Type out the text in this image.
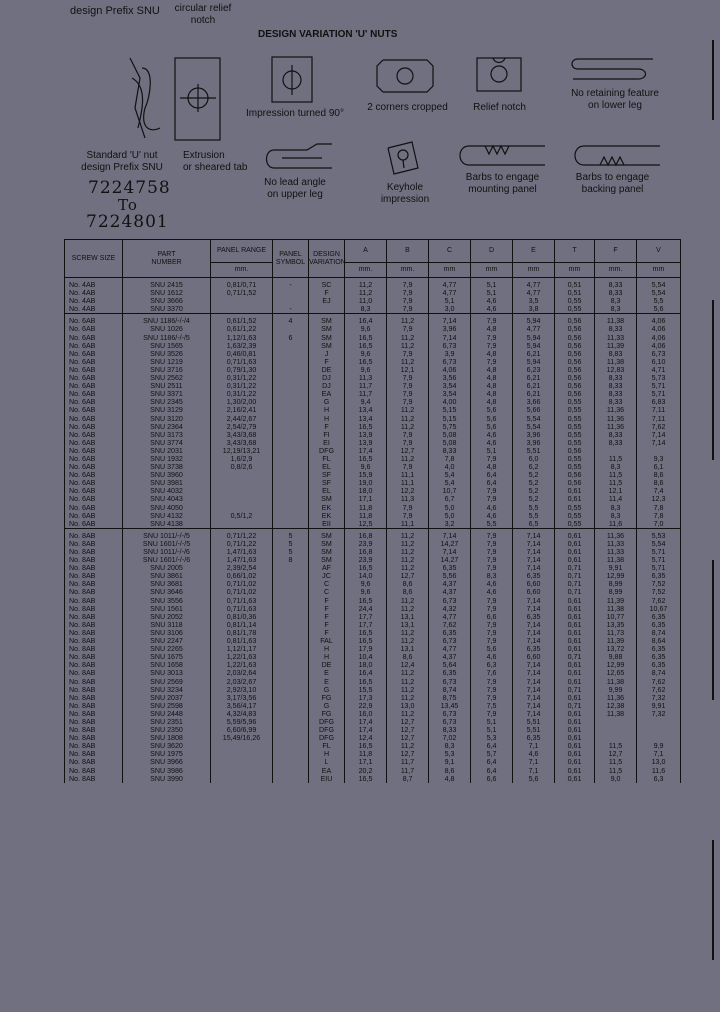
design Prefix SNU	circular relief
notch
DESIGN VARIATION 'U' NUTS
Standard 'U' nut
design Prefix SNU
Extrusion
or sheared tab
Impression turned 90°
2 corners cropped	Relief notch
No retaining feature
on lower leg
No lead angle
on upper leg
Keyhole
impression
Barbs to engage
mounting panel
Barbs to engage
backing panel
7224758
To
7224801
SCREW SIZE	PART
NUMBER	PANEL RANGE	PANEL
SYMBOL	DESIGN
VARIATION	A	B	C	D	E	T	F	V
		mm.			mm.	mm.	mm	mm	mm	mm	mm.	mm
No. 4AB	SNU 2415	0,81/0,71	-	SC	11,2	7,9	4,77	5,1	4,77	0,51	8,33	5,54
No. 4AB	SNU 1612	0,71/1,52		F	11,2	7,9	4,77	5,1	4,77	0,51	8,33	5,54
No. 4AB	SNU 3666			EJ	11,0	7,9	5,1	4,6	3,5	0,55	8,3	5,5
No. 4AB	SNU 3370		-		8,3	7,9	3,0	4,6	3,8	0,55	8,3	5,6
No. 6AB	SNU 1186/-/-/4	0,61/1,52	4	SM	16,4	11,2	7,14	7,9	5,94	0,56	11,38	4,06
No. 6AB	SNU 1026	0,61/1,22		SM	9,6	7,9	3,96	4,8	4,77	0,56	8,33	4,06
No. 6AB	SNU 1186/-/-/5	1,12/1,63	6	SM	16,5	11,2	7,14	7,9	5,94	0,56	11,33	4,06
No. 6AB	SNU 1565	1,63/2,39		SM	16,5	11,2	6,73	7,9	5,94	0,56	11,39	4,06
No. 6AB	SNU 3526	0,46/0,81		J	9,6	7,9	3,9	4,8	6,21	0,56	8,83	6,73
No. 6AB	SNU 1219	0,71/1,63		F	16,5	11,2	6,73	7,9	5,94	0,56	11,38	6,10
No. 6AB	SNU 3716	0,79/1,30		DE	9,6	12,1	4,06	4,8	6,23	0,56	12,83	4,71
No. 6AB	SNU 2562	0,31/1,22		DJ	11,3	7,9	3,56	4,8	6,21	0,56	8,33	5,73
No. 6AB	SNU 2511	0,31/1,22		DJ	11,7	7,9	3,54	4,8	6,21	0,56	8,33	5,71
No. 6AB	SNU 3371	0,31/1,22		EA	11,7	7,9	3,54	4,8	6,21	0,56	8,33	5,71
No. 6AB	SNU 2345	1,30/2,00		G	9,4	7,9	4,00	4,8	3,66	0,55	8,33	6,83
No. 6AB	SNU 3129	2,16/2,41		H	13,4	11,2	5,15	5,6	5,66	0,55	11,36	7,11
No. 6AB	SNU 3120	2,44/2,67		H	13,4	11,2	5,15	5,6	5,54	0,55	11,36	7,11
No. 6AB	SNU 2364	2,54/2,79		F	16,5	11,2	5,75	5,6	5,54	0,55	11,36	7,62
No. 6AB	SNU 3173	3,43/3,68		FI	13,9	7,9	5,08	4,6	3,96	0,55	8,33	7,14
No. 6AB	SNU 3774	3,43/3,68		EI	13,9	7,9	5,08	4,6	3,96	0,55	8,33	7,14
No. 6AB	SNU 2031	12,19/13,21		DFG	17,4	12,7	8,33	5,1	5,51	0,56		
No. 6AB	SNU 1932	1,6/2,9		FL	16,5	11,2	7,8	7,9	6,0	0,55	11,5	9,3
No. 6AB	SNU 3738	0,8/2,6		EL	9,6	7,9	4,0	4,8	6,2	0,55	8,3	6,1
No. 6AB	SNU 3960			SF	15,9	11,1	5,4	6,4	5,2	0,56	11,5	8,6
No. 6AB	SNU 3981			SF	19,0	11,1	5,4	6,4	5,2	0,56	11,5	8,6
No. 6AB	SNU 4032			EL	18,0	12,2	10,7	7,9	5,2	0,61	12,1	7,4
No. 6AB	SNU 4043			SM	17,1	11,3	6,7	7,9	5,2	0,61	11,4	12,3
No. 6AB	SNU 4050			EK	11,8	7,9	5,0	4,6	5,5	0,55	8,3	7,8
No. 6AB	SNU 4132	0,5/1,2		EK	11,8	7,9	5,0	4,6	5,5	0,55	8,3	7,8
No. 6AB	SNU 4138			EII	12,5	11,1	3,2	5,5	6,5	0,55	11,6	7,0
No. 8AB	SNU 1011/-/-/5	0,71/1,22	5	SM	16,8	11,2	7,14	7,9	7,14	0,61	11,36	5,53
No. 8AB	SNU 1601/-/-/5	0,71/1,22	5	SM	23,9	11,2	14,27	7,9	7,14	0,61	11,33	5,54
No. 8AB	SNU 1011/-/-/6	1,47/1,63	5	SM	16,8	11,2	7,14	7,9	7,14	0,61	11,33	5,71
No. 8AB	SNU 1601/-/-/6	1,47/1,63	8	SM	23,9	11,2	14,27	7,9	7,14	0,61	11,38	5,71
No. 8AB	SNU 2005	2,39/2,54		AF	16,5	11,2	6,35	7,9	7,14	0,71	9,91	5,71
No. 8AB	SNU 3861	0,66/1,02		JC	14,0	12,7	5,56	8,3	6,35	0,71	12,99	6,35
No. 8AB	SNU 3681	0,71/1,02		C	9,6	8,6	4,37	4,6	6,60	0,71	8,99	7,52
No. 8AB	SNU 3646	0,71/1,02		C	9,6	8,6	4,37	4,6	6,60	0,71	8,99	7,52
No. 8AB	SNU 3556	0,71/1,63		F	16,5	11,2	6,73	7,9	7,14	0,61	11,39	7,62
No. 8AB	SNU 1561	0,71/1,63		F	24,4	11,2	4,32	7,9	7,14	0,61	11,38	10,67
No. 8AB	SNU 2052	0,81/0,36		F	17,7	13,1	4,77	6,6	6,35	0,61	10,77	6,35
No. 8AB	SNU 3118	0,81/1,14		F	17,7	13,1	7,62	7,9	7,14	0,61	13,35	6,35
No. 8AB	SNU 3106	0,81/1,78		F	16,5	11,2	6,35	7,9	7,14	0,61	11,73	8,74
No. 8AB	SNU 2247	0,81/1,63		FAL	16,5	11,2	6,73	7,9	7,14	0,61	11,39	8,64
No. 8AB	SNU 2265	1,12/1,17		H	17,9	13,1	4,77	5,6	6,35	0,61	13,72	6,35
No. 8AB	SNU 1675	1,22/1,63		H	10,4	8,6	4,37	4,6	6,60	0,71	9,88	6,35
No. 8AB	SNU 1658	1,22/1,63		DE	18,0	12,4	5,64	6,3	7,14	0,61	12,99	6,35
No. 8AB	SNU 3013	2,03/2,64		E	16,4	11,2	6,35	7,6	7,14	0,61	12,65	8,74
No. 8AB	SNU 2569	2,03/2,67		E	16,5	11,2	6,73	7,9	7,14	0,61	11,38	7,62
No. 8AB	SNU 3234	2,92/3,10		G	15,5	11,2	8,74	7,9	7,14	0,71	9,99	7,62
No. 8AB	SNU 2037	3,17/3,56		FG	17,3	11,2	8,75	7,9	7,14	0,61	11,36	7,32
No. 8AB	SNU 2598	3,56/4,17		G	22,9	13,0	13,45	7,5	7,14	0,71	12,38	9,91
No. 8AB	SNU 2448	4,32/4,83		FG	16,0	11,2	6,73	7,9	7,14	0,61	11,38	7,32
No. 8AB	SNU 2351	5,59/5,96		DFG	17,4	12,7	6,73	5,1	5,51	0,61		
No. 8AB	SNU 2350	6,60/6,99		DFG	17,4	12,7	8,33	5,1	5,51	0,61		
No. 8AB	SNU 1808	15,49/16,26		DFG	12,4	12,7	7,02	5,3	6,35	0,61		
No. 8AB	SNU 3620			FL	16,5	11,2	8,3	6,4	7,1	0,61	11,5	9,9
No. 8AB	SNU 1975			H	11,8	12,7	5,3	5,7	4,6	0,61	12,7	7,1
No. 8AB	SNU 3966			L	17,1	11,7	9,1	6,4	7,1	0,61	11,5	13,0
No. 8AB	SNU 3986			EA	20,2	11,7	8,6	6,4	7,1	0,61	11,5	11,6
No. 8AB	SNU 3990			EIU	16,5	8,7	4,8	6,6	5,6	0,61	9,0	6,3
